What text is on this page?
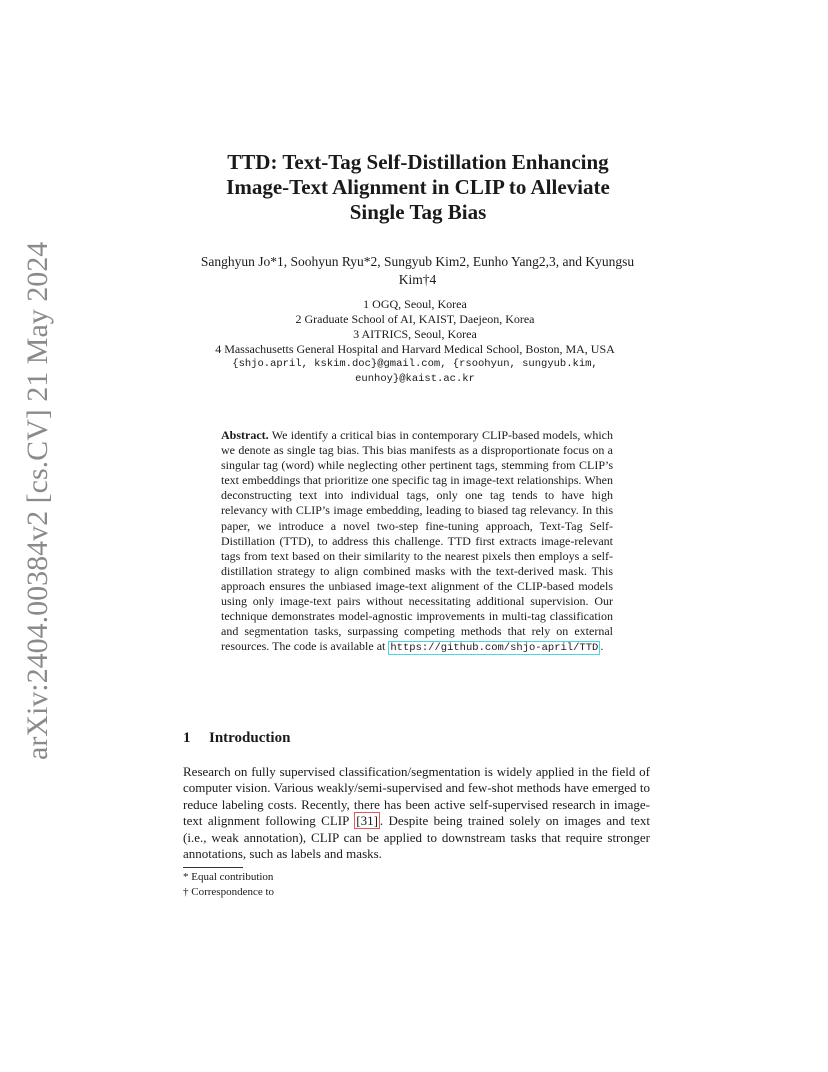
arXiv:2404.00384v2 [cs.CV] 21 May 2024
TTD: Text-Tag Self-Distillation Enhancing
Image-Text Alignment in CLIP to Alleviate
Single Tag Bias
Sanghyun Jo*1, Soohyun Ryu*2, Sungyub Kim2, Eunho Yang2,3, and Kyungsu
Kim†4
1 OGQ, Seoul, Korea
2 Graduate School of AI, KAIST, Daejeon, Korea
3 AITRICS, Seoul, Korea
4 Massachusetts General Hospital and Harvard Medical School, Boston, MA, USA
{shjo.april, kskim.doc}@gmail.com, {rsoohyun, sungyub.kim,
eunhoy}@kaist.ac.kr
Abstract. We identify a critical bias in contemporary CLIP-based models, which we denote as single tag bias. This bias manifests as a disproportionate focus on a singular tag (word) while neglecting other pertinent tags, stemming from CLIP’s text embeddings that prioritize one specific tag in image-text relationships. When deconstructing text into individual tags, only one tag tends to have high relevancy with CLIP’s image embedding, leading to biased tag relevancy. In this paper, we introduce a novel two-step fine-tuning approach, Text-Tag Self-Distillation (TTD), to address this challenge. TTD first extracts image-relevant tags from text based on their similarity to the nearest pixels then employs a self-distillation strategy to align combined masks with the text-derived mask. This approach ensures the unbiased image-text alignment of the CLIP-based models using only image-text pairs without necessitating additional supervision. Our technique demonstrates model-agnostic improvements in multi-tag classification and segmentation tasks, surpassing competing methods that rely on external resources. The code is available at https://github.com/shjo-april/TTD .
1 Introduction
Research on fully supervised classification/segmentation is widely applied in the field of computer vision. Various weakly/semi-supervised and few-shot methods have emerged to reduce labeling costs. Recently, there has been active self-supervised research in image-text alignment following CLIP [31] . Despite being trained solely on images and text (i.e., weak annotation), CLIP can be applied to downstream tasks that require stronger annotations, such as labels and masks.
* Equal contribution
† Correspondence to
